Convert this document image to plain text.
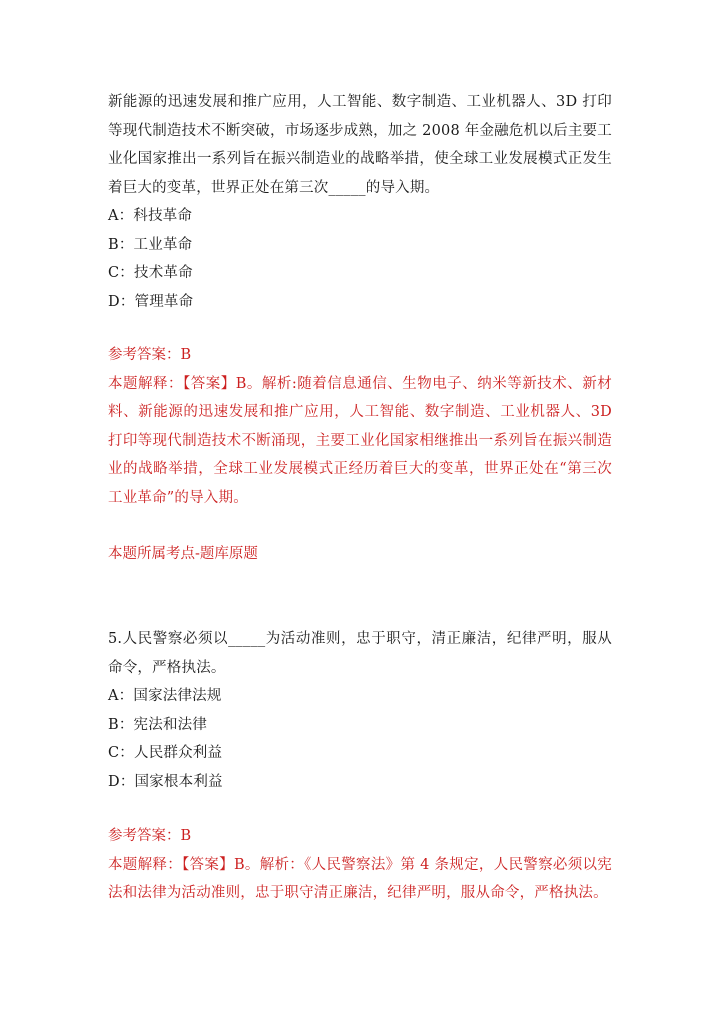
新能源的迅速发展和推广应用，人工智能、数字制造、工业机器人、3D 打印等现代制造技术不断突破，市场逐步成熟，加之 2008 年金融危机以后主要工业化国家推出一系列旨在振兴制造业的战略举措，使全球工业发展模式正发生着巨大的变革，世界正处在第三次_____的导入期。

A：科技革命

B：工业革命

C：技术革命

D：管理革命

参考答案：B

本题解释：【答案】B。解析:随着信息通信、生物电子、纳米等新技术、新材料、新能源的迅速发展和推广应用，人工智能、数字制造、工业机器人、3D 打印等现代制造技术不断涌现，主要工业化国家相继推出一系列旨在振兴制造业的战略举措，全球工业发展模式正经历着巨大的变革，世界正处在“第三次工业革命”的导入期。

本题所属考点-题库原题

5.人民警察必须以_____为活动准则，忠于职守，清正廉洁，纪律严明，服从命令，严格执法。

A：国家法律法规

B：宪法和法律

C：人民群众利益

D：国家根本利益

参考答案：B

本题解释：【答案】B。解析：《人民警察法》第 4 条规定，人民警察必须以宪法和法律为活动准则，忠于职守清正廉洁，纪律严明，服从命令，严格执法。
